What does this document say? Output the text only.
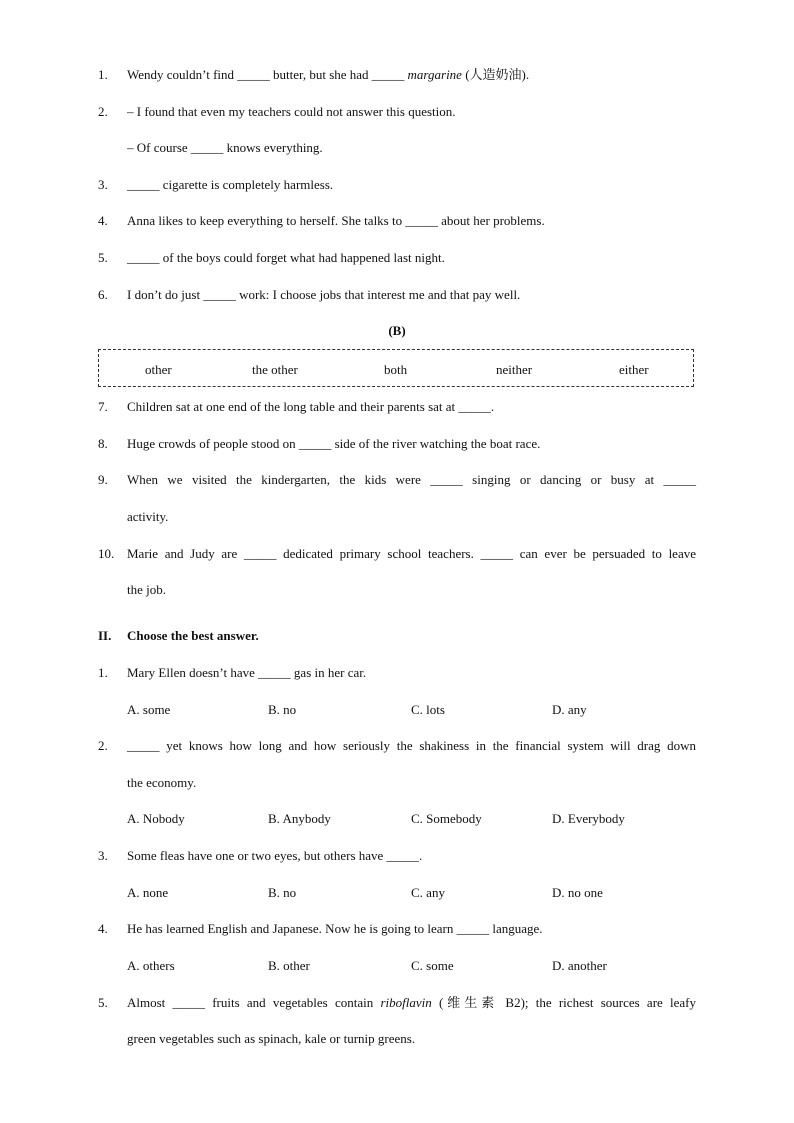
1. Wendy couldn’t find _____ butter, but she had _____ margarine (人造奶油).
2. – I found that even my teachers could not answer this question.
– Of course _____ knows everything.
3. _____ cigarette is completely harmless.
4. Anna likes to keep everything to herself. She talks to _____ about her problems.
5. _____ of the boys could forget what had happened last night.
6. I don’t do just _____ work: I choose jobs that interest me and that pay well.
(B)
other	the other	both	neither	either
7. Children sat at one end of the long table and their parents sat at _____.
8. Huge crowds of people stood on _____ side of the river watching the boat race.
9. When we visited the kindergarten, the kids were _____ singing or dancing or busy at _____
activity.
10. Marie and Judy are _____ dedicated primary school teachers. _____ can ever be persuaded to leave
the job.
II. Choose the best answer.
1. Mary Ellen doesn’t have _____ gas in her car.
A. some	B. no	C. lots	D. any
2. _____ yet knows how long and how seriously the shakiness in the financial system will drag down
the economy.
A. Nobody	B. Anybody	C. Somebody	D. Everybody
3. Some fleas have one or two eyes, but others have _____.
A. none	B. no	C. any	D. no one
4. He has learned English and Japanese. Now he is going to learn _____ language.
A. others	B. other	C. some	D. another
5. Almost _____ fruits and vegetables contain riboflavin (维生素 B2); the richest sources are leafy
green vegetables such as spinach, kale or turnip greens.
